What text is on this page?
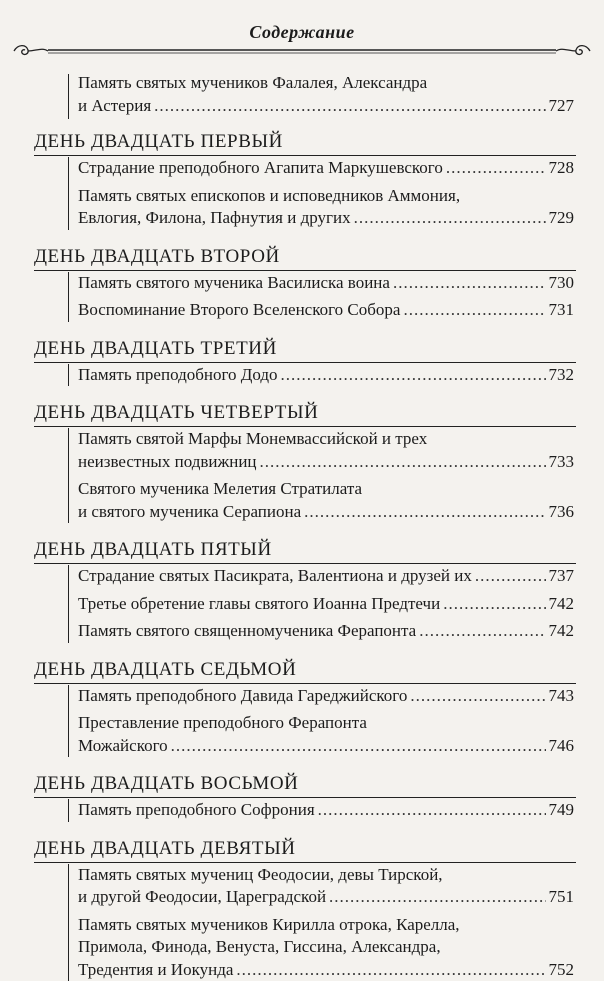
Содержание
Память святых мучеников Фалалея, Александра
и Астерия .....	727
ДЕНЬ ДВАДЦАТЬ ПЕРВЫЙ
Страдание преподобного Агапита Маркушевского .....	728
Память святых епископов и исповедников Аммония,
Евлогия, Филона, Пафнутия и других .....	729
ДЕНЬ ДВАДЦАТЬ ВТОРОЙ
Память святого мученика Василиска воина .....	730
Воспоминание Второго Вселенского Собора .....	731
ДЕНЬ ДВАДЦАТЬ ТРЕТИЙ
Память преподобного Додо .....	732
ДЕНЬ ДВАДЦАТЬ ЧЕТВЕРТЫЙ
Память святой Марфы Монемвассийской и трех
неизвестных подвижниц .....	733
Святого мученика Мелетия Стратилата
и святого мученика Серапиона .....	736
ДЕНЬ ДВАДЦАТЬ ПЯТЫЙ
Страдание святых Пасикрата, Валентиона и друзей их .....	737
Третье обретение главы святого Иоанна Предтечи .....	742
Память святого священномученика Ферапонта .....	742
ДЕНЬ ДВАДЦАТЬ СЕДЬМОЙ
Память преподобного Давида Гареджийского .....	743
Преставление преподобного Ферапонта
Можайского .....	746
ДЕНЬ ДВАДЦАТЬ ВОСЬМОЙ
Память преподобного Софрония .....	749
ДЕНЬ ДВАДЦАТЬ ДЕВЯТЫЙ
Память святых мучениц Феодосии, девы Тирской,
и другой Феодосии, Цареградской .....	751
Память святых мучеников Кирилла отрока, Карелла,
Примола, Финода, Венуста, Гиссина, Александра,
Тредентия и Иокунда .....	752
